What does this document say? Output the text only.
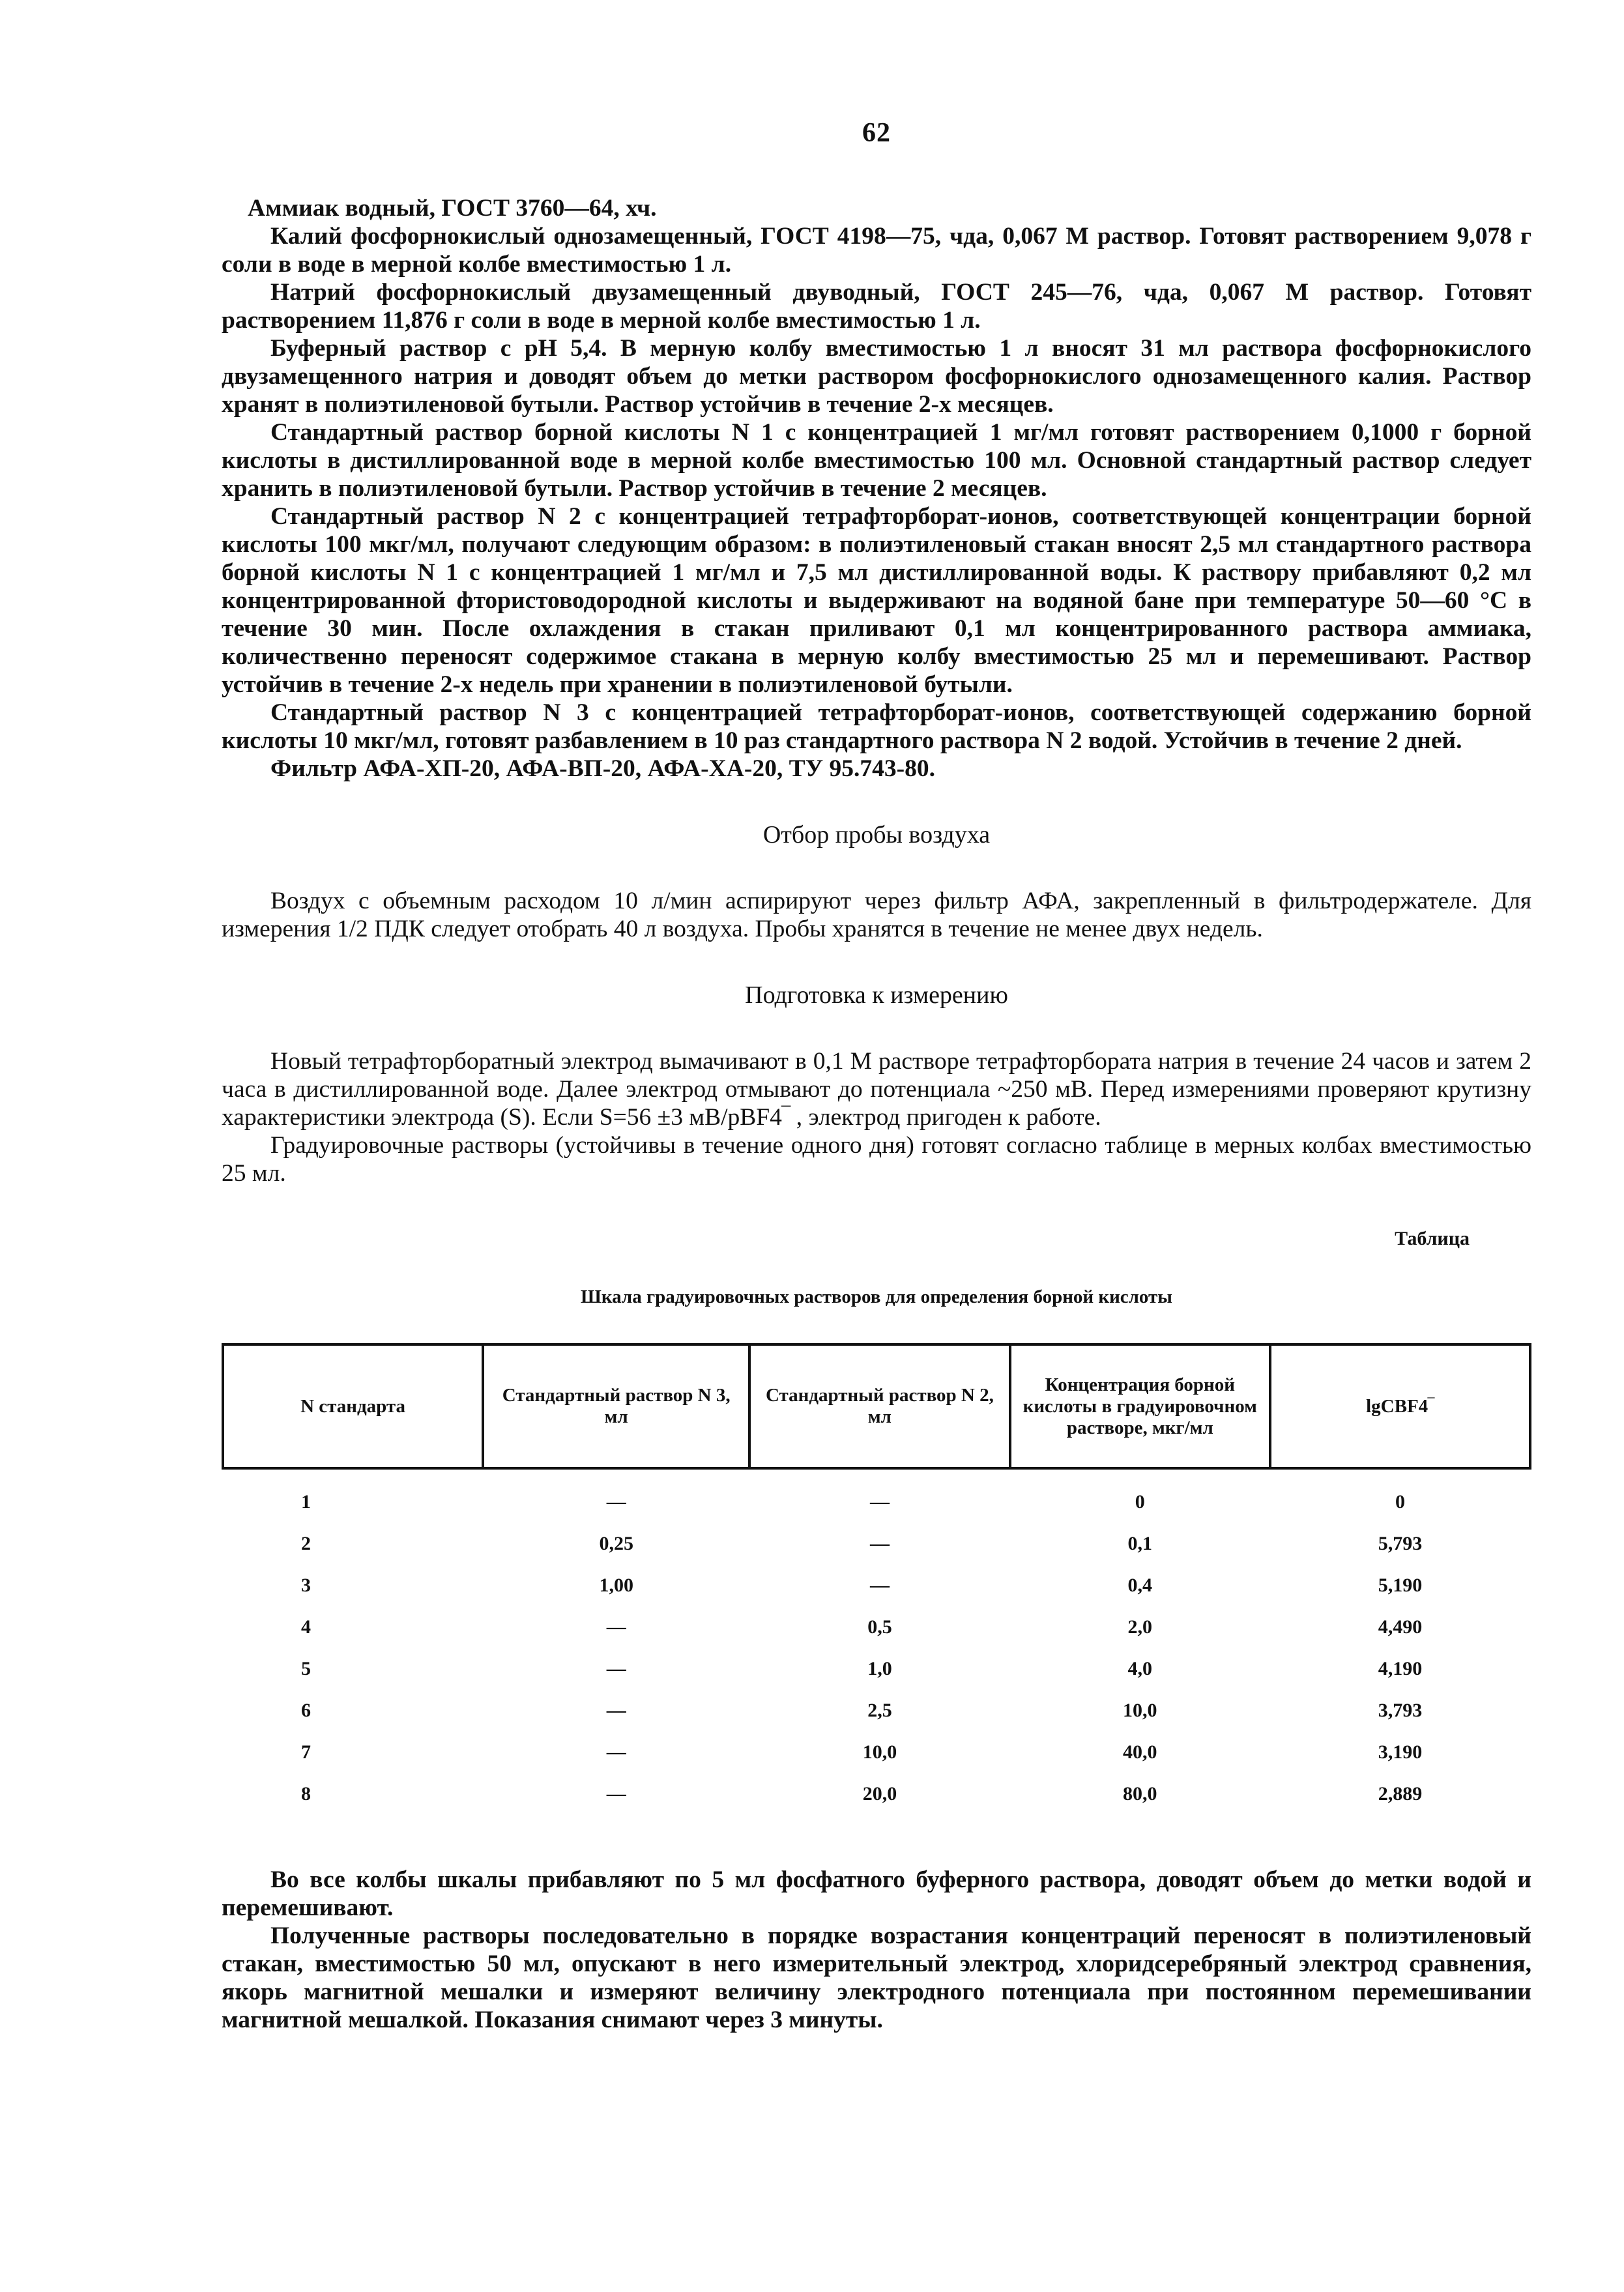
62

Аммиак водный, ГОСТ 3760—64, хч.

Калий фосфорнокислый однозамещенный, ГОСТ 4198—75, чда, 0,067 М раствор. Готовят растворением 9,078 г соли в воде в мерной колбе вместимостью 1 л.

Натрий фосфорнокислый двузамещенный двуводный, ГОСТ 245—76, чда, 0,067 М раствор. Готовят растворением 11,876 г соли в воде в мерной колбе вместимостью 1 л.

Буферный раствор с рН 5,4. В мерную колбу вместимостью 1 л вносят 31 мл раствора фосфорнокислого двузамещенного натрия и доводят объем до метки раствором фосфорнокислого однозамещенного калия. Раствор хранят в полиэтиленовой бутыли. Раствор устойчив в течение 2-х месяцев.

Стандартный раствор борной кислоты N 1 с концентрацией 1 мг/мл готовят растворением 0,1000 г борной кислоты в дистиллированной воде в мерной колбе вместимостью 100 мл. Основной стандартный раствор следует хранить в полиэтиленовой бутыли. Раствор устойчив в течение 2 месяцев.

Стандартный раствор N 2 с концентрацией тетрафторборат-ионов, соответствующей концентрации борной кислоты 100 мкг/мл, получают следующим образом: в полиэтиленовый стакан вносят 2,5 мл стандартного раствора борной кислоты N 1 с концентрацией 1 мг/мл и 7,5 мл дистиллированной воды. К раствору прибавляют 0,2 мл концентрированной фтористоводородной кислоты и выдерживают на водяной бане при температуре 50—60 °С в течение 30 мин. После охлаждения в стакан приливают 0,1 мл концентрированного раствора аммиака, количественно переносят содержимое стакана в мерную колбу вместимостью 25 мл и перемешивают. Раствор устойчив в течение 2-х недель при хранении в полиэтиленовой бутыли.

Стандартный раствор N 3 с концентрацией тетрафторборат-ионов, соответствующей содержанию борной кислоты 10 мкг/мл, готовят разбавлением в 10 раз стандартного раствора N 2 водой. Устойчив в течение 2 дней.

Фильтр АФА-ХП-20, АФА-ВП-20, АФА-ХА-20, ТУ 95.743-80.

Отбор пробы воздуха

Воздух с объемным расходом 10 л/мин аспирируют через фильтр АФА, закрепленный в фильтродержателе. Для измерения 1/2 ПДК следует отобрать 40 л воздуха. Пробы хранятся в течение не менее двух недель.

Подготовка к измерению

Новый тетрафторборатный электрод вымачивают в 0,1 М растворе тетрафторбората натрия в течение 24 часов и затем 2 часа в дистиллированной воде. Далее электрод отмывают до потенциала ~250 мВ. Перед измерениями проверяют крутизну характеристики электрода (S). Если S=56 ±3 мВ/рВF4‾ , электрод пригоден к работе.

Градуировочные растворы (устойчивы в течение одного дня) готовят согласно таблице в мерных колбах вместимостью 25 мл.

Таблица
Шкала градуировочных растворов для определения борной кислоты
N стандарта	Стандартный раствор N 3, мл	Стандартный раствор N 2, мл	Концентрация борной кислоты в градуировочном растворе, мкг/мл	lgCBF4‾
1	—	—	0	0
2	0,25	—	0,1	5,793
3	1,00	—	0,4	5,190
4	—	0,5	2,0	4,490
5	—	1,0	4,0	4,190
6	—	2,5	10,0	3,793
7	—	10,0	40,0	3,190
8	—	20,0	80,0	2,889

Во все колбы шкалы прибавляют по 5 мл фосфатного буферного раствора, доводят объем до метки водой и перемешивают.

Полученные растворы последовательно в порядке возрастания концентраций переносят в полиэтиленовый стакан, вместимостью 50 мл, опускают в него измерительный электрод, хлоридсеребряный электрод сравнения, якорь магнитной мешалки и измеряют величину электродного потенциала при постоянном перемешивании магнитной мешалкой. Показания снимают через 3 минуты.
